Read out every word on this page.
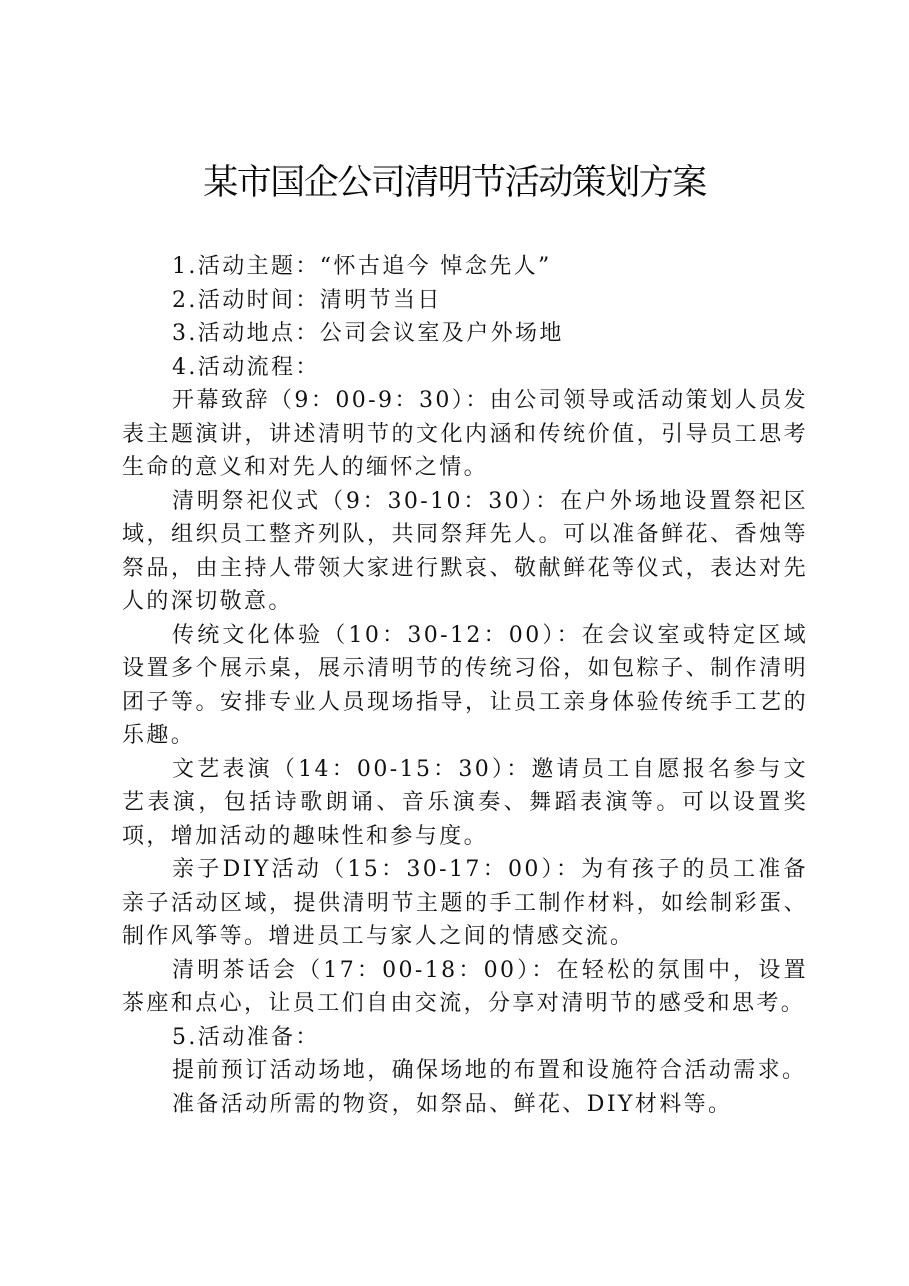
某市国企公司清明节活动策划方案

1.活动主题：“怀古追今 悼念先人”

2.活动时间：清明节当日

3.活动地点：公司会议室及户外场地

4.活动流程：

开幕致辞（9：00-9：30）：由公司领导或活动策划人员发表主题演讲，讲述清明节的文化内涵和传统价值，引导员工思考生命的意义和对先人的缅怀之情。

清明祭祀仪式（9：30-10：30）：在户外场地设置祭祀区域，组织员工整齐列队，共同祭拜先人。可以准备鲜花、香烛等祭品，由主持人带领大家进行默哀、敬献鲜花等仪式，表达对先人的深切敬意。

传统文化体验（10：30-12：00）：在会议室或特定区域设置多个展示桌，展示清明节的传统习俗，如包粽子、制作清明团子等。安排专业人员现场指导，让员工亲身体验传统手工艺的乐趣。

文艺表演（14：00-15：30）：邀请员工自愿报名参与文艺表演，包括诗歌朗诵、音乐演奏、舞蹈表演等。可以设置奖项，增加活动的趣味性和参与度。

亲子DIY活动（15：30-17：00）：为有孩子的员工准备亲子活动区域，提供清明节主题的手工制作材料，如绘制彩蛋、制作风筝等。增进员工与家人之间的情感交流。

清明茶话会（17：00-18：00）：在轻松的氛围中，设置茶座和点心，让员工们自由交流，分享对清明节的感受和思考。

5.活动准备：

提前预订活动场地，确保场地的布置和设施符合活动需求。

准备活动所需的物资，如祭品、鲜花、DIY材料等。
